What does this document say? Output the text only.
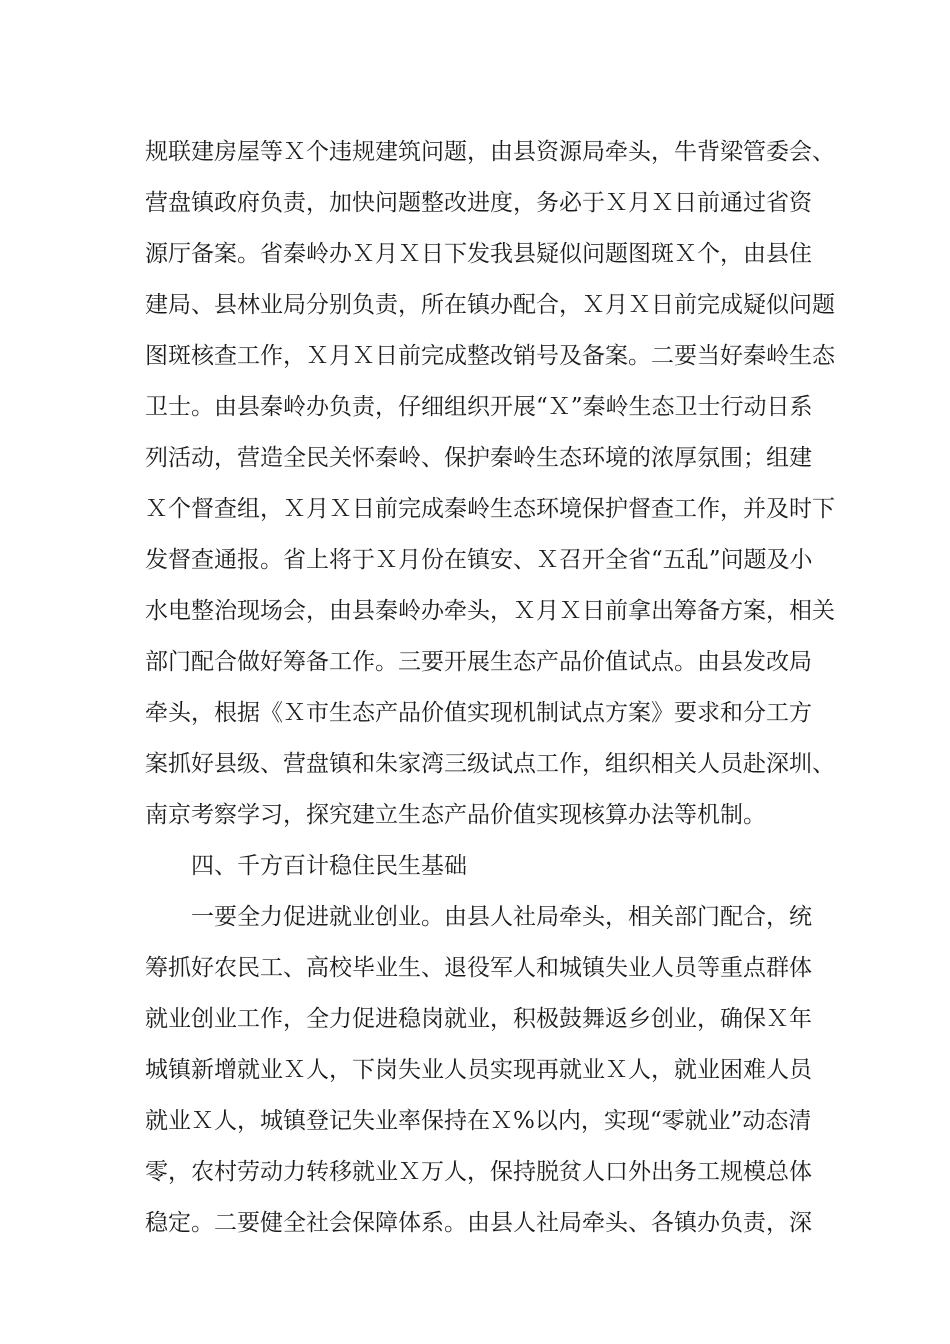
规联建房屋等Ｘ个违规建筑问题，由县资源局牵头，牛背梁管委会、
营盘镇政府负责，加快问题整改进度，务必于Ｘ月Ｘ日前通过省资
源厅备案。省秦岭办Ｘ月Ｘ日下发我县疑似问题图斑Ｘ个，由县住
建局、县林业局分别负责，所在镇办配合，Ｘ月Ｘ日前完成疑似问题
图斑核查工作，Ｘ月Ｘ日前完成整改销号及备案。二要当好秦岭生态
卫士。由县秦岭办负责，仔细组织开展“Ｘ”秦岭生态卫士行动日系
列活动，营造全民关怀秦岭、保护秦岭生态环境的浓厚氛围；组建
Ｘ个督查组，Ｘ月Ｘ日前完成秦岭生态环境保护督查工作，并及时下
发督查通报。省上将于Ｘ月份在镇安、Ｘ召开全省“五乱”问题及小
水电整治现场会，由县秦岭办牵头，Ｘ月Ｘ日前拿出筹备方案，相关
部门配合做好筹备工作。三要开展生态产品价值试点。由县发改局
牵头，根据《Ｘ市生态产品价值实现机制试点方案》要求和分工方
案抓好县级、营盘镇和朱家湾三级试点工作，组织相关人员赴深圳、
南京考察学习，探究建立生态产品价值实现核算办法等机制。
四、千方百计稳住民生基础
一要全力促进就业创业。由县人社局牵头，相关部门配合，统
筹抓好农民工、高校毕业生、退役军人和城镇失业人员等重点群体
就业创业工作，全力促进稳岗就业，积极鼓舞返乡创业，确保Ｘ年
城镇新增就业Ｘ人，下岗失业人员实现再就业Ｘ人，就业困难人员
就业Ｘ人，城镇登记失业率保持在Ｘ%以内，实现“零就业”动态清
零，农村劳动力转移就业Ｘ万人，保持脱贫人口外出务工规模总体
稳定。二要健全社会保障体系。由县人社局牵头、各镇办负责，深
